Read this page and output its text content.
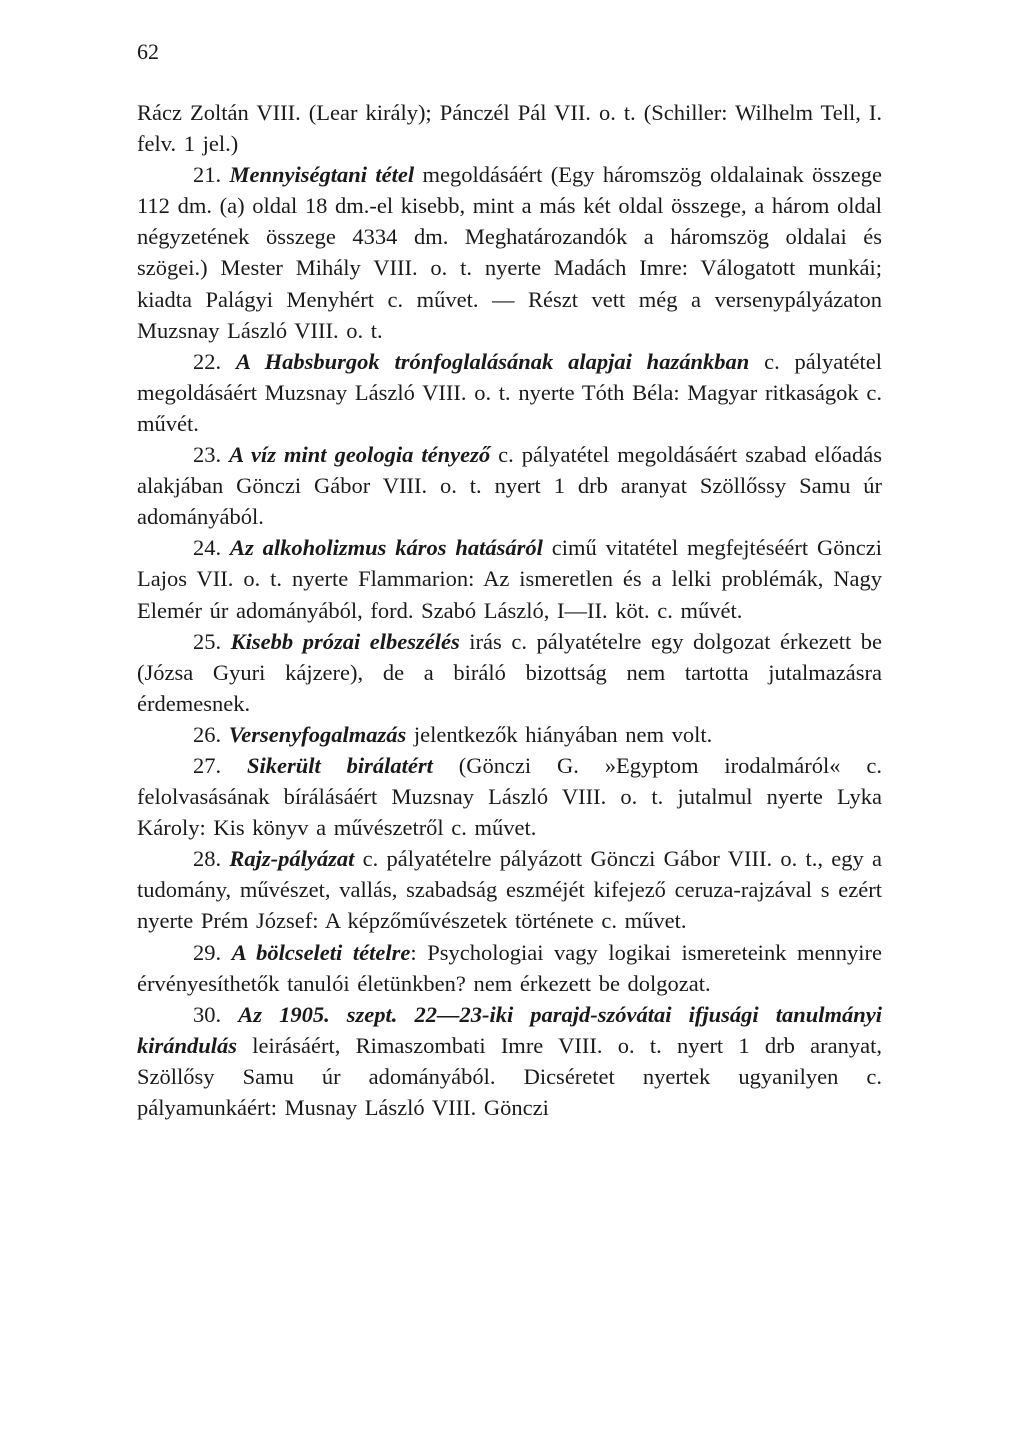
62

Rácz Zoltán VIII. (Lear király); Pánczél Pál VII. o. t. (Schiller: Wilhelm Tell, I. felv. 1 jel.)

21. Mennyiségtani tétel megoldásáért (Egy háromszög oldalainak összege 112 dm. (a) oldal 18 dm.-el kisebb, mint a más két oldal összege, a három oldal négyzetének összege 4334 dm. Meghatározandók a háromszög oldalai és szögei.) Mester Mihály VIII. o. t. nyerte Madách Imre: Válogatott munkái; kiadta Palágyi Menyhért c. művet. — Részt vett még a versenypályázaton Muzsnay László VIII. o. t.

22. A Habsburgok trónfoglalásának alapjai hazánkban c. pályatétel megoldásáért Muzsnay László VIII. o. t. nyerte Tóth Béla: Magyar ritkaságok c. művét.

23. A víz mint geologia tényező c. pályatétel megoldásáért szabad előadás alakjában Gönczi Gábor VIII. o. t. nyert 1 drb aranyat Szöllőssy Samu úr adományából.

24. Az alkoholizmus káros hatásáról cimű vitatétel megfejtéséért Gönczi Lajos VII. o. t. nyerte Flammarion: Az ismeretlen és a lelki problémák, Nagy Elemér úr adományából, ford. Szabó László, I—II. köt. c. művét.

25. Kisebb prózai elbeszélés irás c. pályatételre egy dolgozat érkezett be (Józsa Gyuri kájzere), de a biráló bizottság nem tartotta jutalmazásra érdemesnek.

26. Versenyfogalmazás jelentkezők hiányában nem volt.

27. Sikerült birálatért (Gönczi G. »Egyptom irodalmáról« c. felolvasásának bírálásáért Muzsnay László VIII. o. t. jutalmul nyerte Lyka Károly: Kis könyv a művészetről c. művet.

28. Rajz-pályázat c. pályatételre pályázott Gönczi Gábor VIII. o. t., egy a tudomány, művészet, vallás, szabadság eszméjét kifejező ceruza-rajzával s ezért nyerte Prém József: A képzőművészetek története c. művet.

29. A bölcseleti tételre: Psychologiai vagy logikai ismereteink mennyire érvényesíthetők tanulói életünkben? nem érkezett be dolgozat.

30. Az 1905. szept. 22—23-iki parajd-szóvátai ifjusági tanulmányi kirándulás leirásáért, Rimaszombati Imre VIII. o. t. nyert 1 drb aranyat, Szöllősy Samu úr adományából. Dicséretet nyertek ugyanilyen c. pályamunkáért: Musnay László VIII. Gönczi
